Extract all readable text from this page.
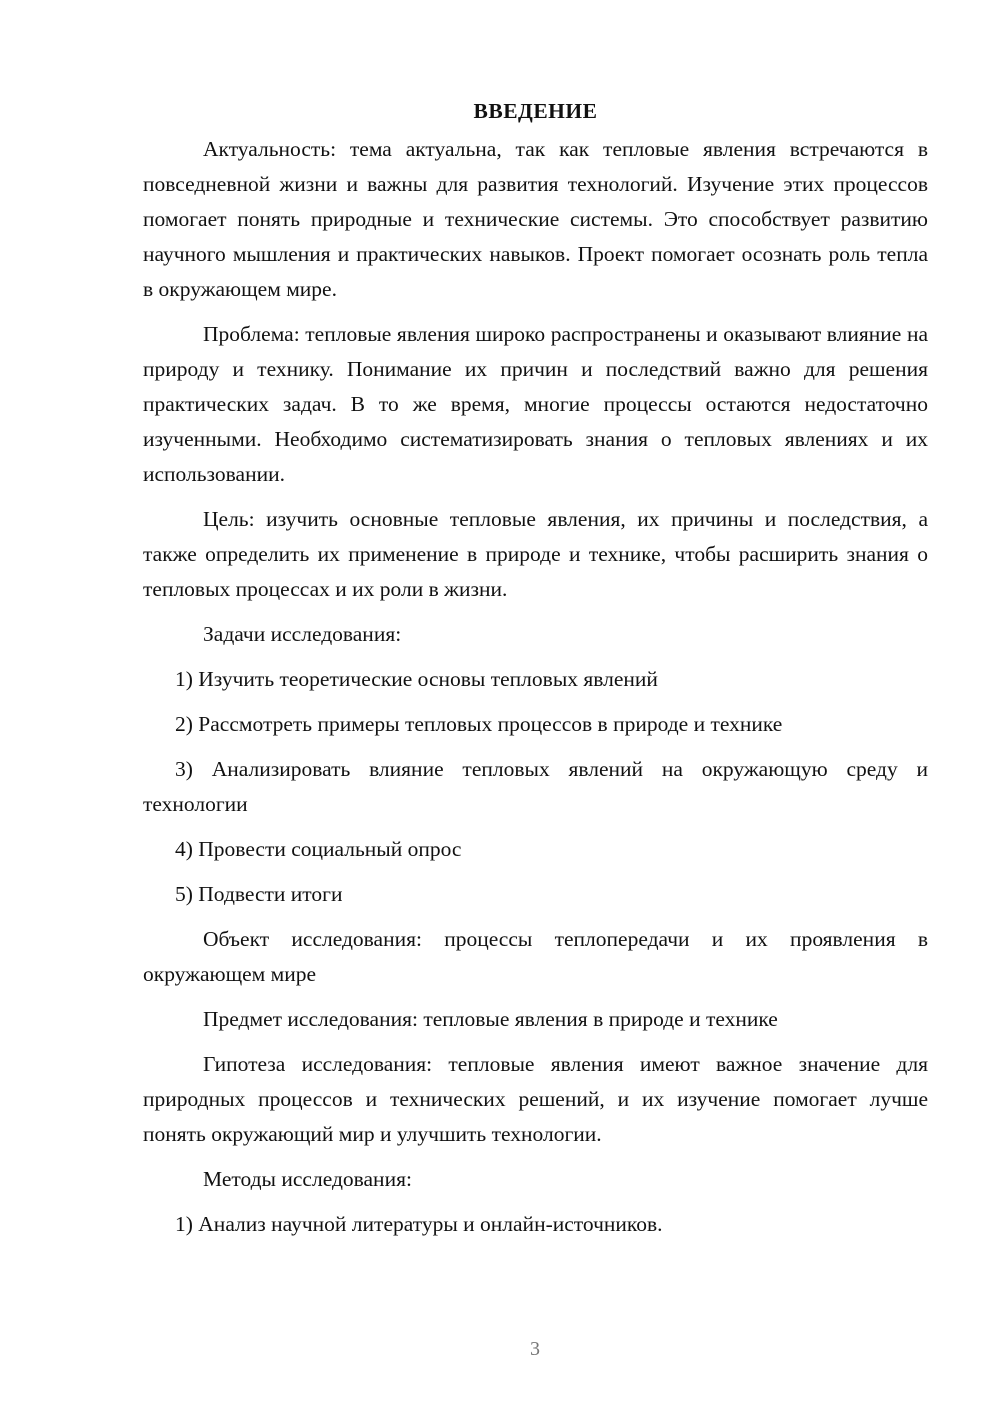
ВВЕДЕНИЕ

Актуальность: тема актуальна, так как тепловые явления встречаются в повседневной жизни и важны для развития технологий. Изучение этих процессов помогает понять природные и технические системы. Это способствует развитию научного мышления и практических навыков. Проект помогает осознать роль тепла в окружающем мире.

Проблема: тепловые явления широко распространены и оказывают влияние на природу и технику. Понимание их причин и последствий важно для решения практических задач. В то же время, многие процессы остаются недостаточно изученными. Необходимо систематизировать знания о тепловых явлениях и их использовании.

Цель: изучить основные тепловые явления, их причины и последствия, а также определить их применение в природе и технике, чтобы расширить знания о тепловых процессах и их роли в жизни.

Задачи исследования:

1) Изучить теоретические основы тепловых явлений

2) Рассмотреть примеры тепловых процессов в природе и технике

3) Анализировать влияние тепловых явлений на окружающую среду и технологии

4) Провести социальный опрос

5) Подвести итоги

Объект исследования: процессы теплопередачи и их проявления в окружающем мире

Предмет исследования: тепловые явления в природе и технике

Гипотеза исследования: тепловые явления имеют важное значение для природных процессов и технических решений, и их изучение помогает лучше понять окружающий мир и улучшить технологии.

Методы исследования:

1) Анализ научной литературы и онлайн-источников.

3
